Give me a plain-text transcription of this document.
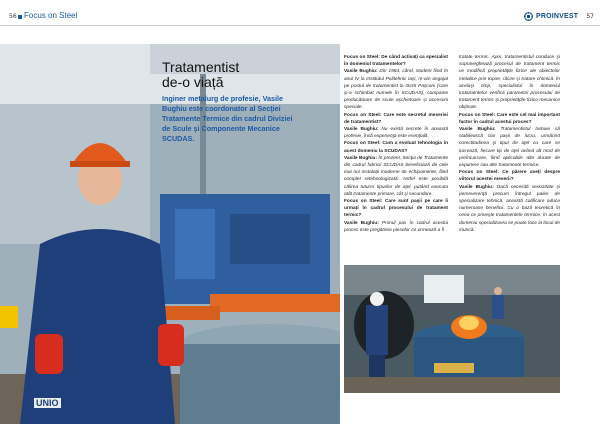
56 Focus on Steel	PROINVEST 57
UNIO
Tratamentist
de-o viață

Inginer metalurg de profesie, Vasile Bughiu este coordonator al Secţiei Tratamente Termice din cadrul Diviziei de Scule şi Componente Mecanice SCUDAS.

Focus on Steel: De când activaţi ca specialist în domeniul tratamentelor?

Vasile Bughiu: Din 1984, când, student fiind în anul IV la Institutul Politehnic Iaşi, m-am angajat pe postul de tratamentist la ISAS Paşcani (care şi-a schimbat numele în SCUDAS), companie producătoare de scule aşchietoare şi accesorii speciale.

Focus on Steel: Care este secretul meseriei de tratamentist?

Vasile Bughiu: Nu există secrete în această profesie, însă experienţa este esenţială.

Focus on Steel: Cum a evoluat tehnologia în acest domeniu la SCUDAS?

Vasile Bughiu: În prezent, Secţia de Tratamente din cadrul fabricii SCUDAS beneficiază de cele mai noi instalaţii moderne de echipamente, fiind complet retehnologizată. Astfel este posibilă călirea tuturor tipurilor de oţel, putând executa atât tratamente primare, cât şi secundare.

Focus on Steel: Care sunt paşii pe care îi urmaţi în cadrul procesului de tratament termic?

Vasile Bughiu: Primul pas în cadrul acestui proces este pregătirea pieselor ce urmează a fi

tratate termic. Apoi, tratamentistul conduce şi supraveghează procesul de tratament termic ce modifică proprietăţile fizice ale obiectelor metalice prin topire, răcire şi tratare chimică. În acelaşi timp, specialistul în domeniul tratamentelor verifică parametrii procesului de tratament termic şi proprietăţile fizico-mecanice obţinute.

Focus on Steel: Care este cel mai important factor în cadrul acestui proces?

Vasile Bughiu: Tratamentistul trebuie să stabilească clar paşii de lucru, urmărind corectitudinea şi tipul de oţel cu care se lucrează, fiecare tip de oţel având alt mod de preîncarcare, fiind aplicabile alte durate de expunere sau alte tratamente termice.

Focus on Steel: Ce părere aveţi despre viitorul acestei meserii?

Vasile Bughiu: Dacă necesită seriozitate şi perseverenţă precum întregul palier de specializare tehnică, această calificare aduce numeroase beneficii. Cu o bază teoretică în ceea ce priveşte tratamentele termice, în acest domeniu specializarea se poate face la locul de muncă.
